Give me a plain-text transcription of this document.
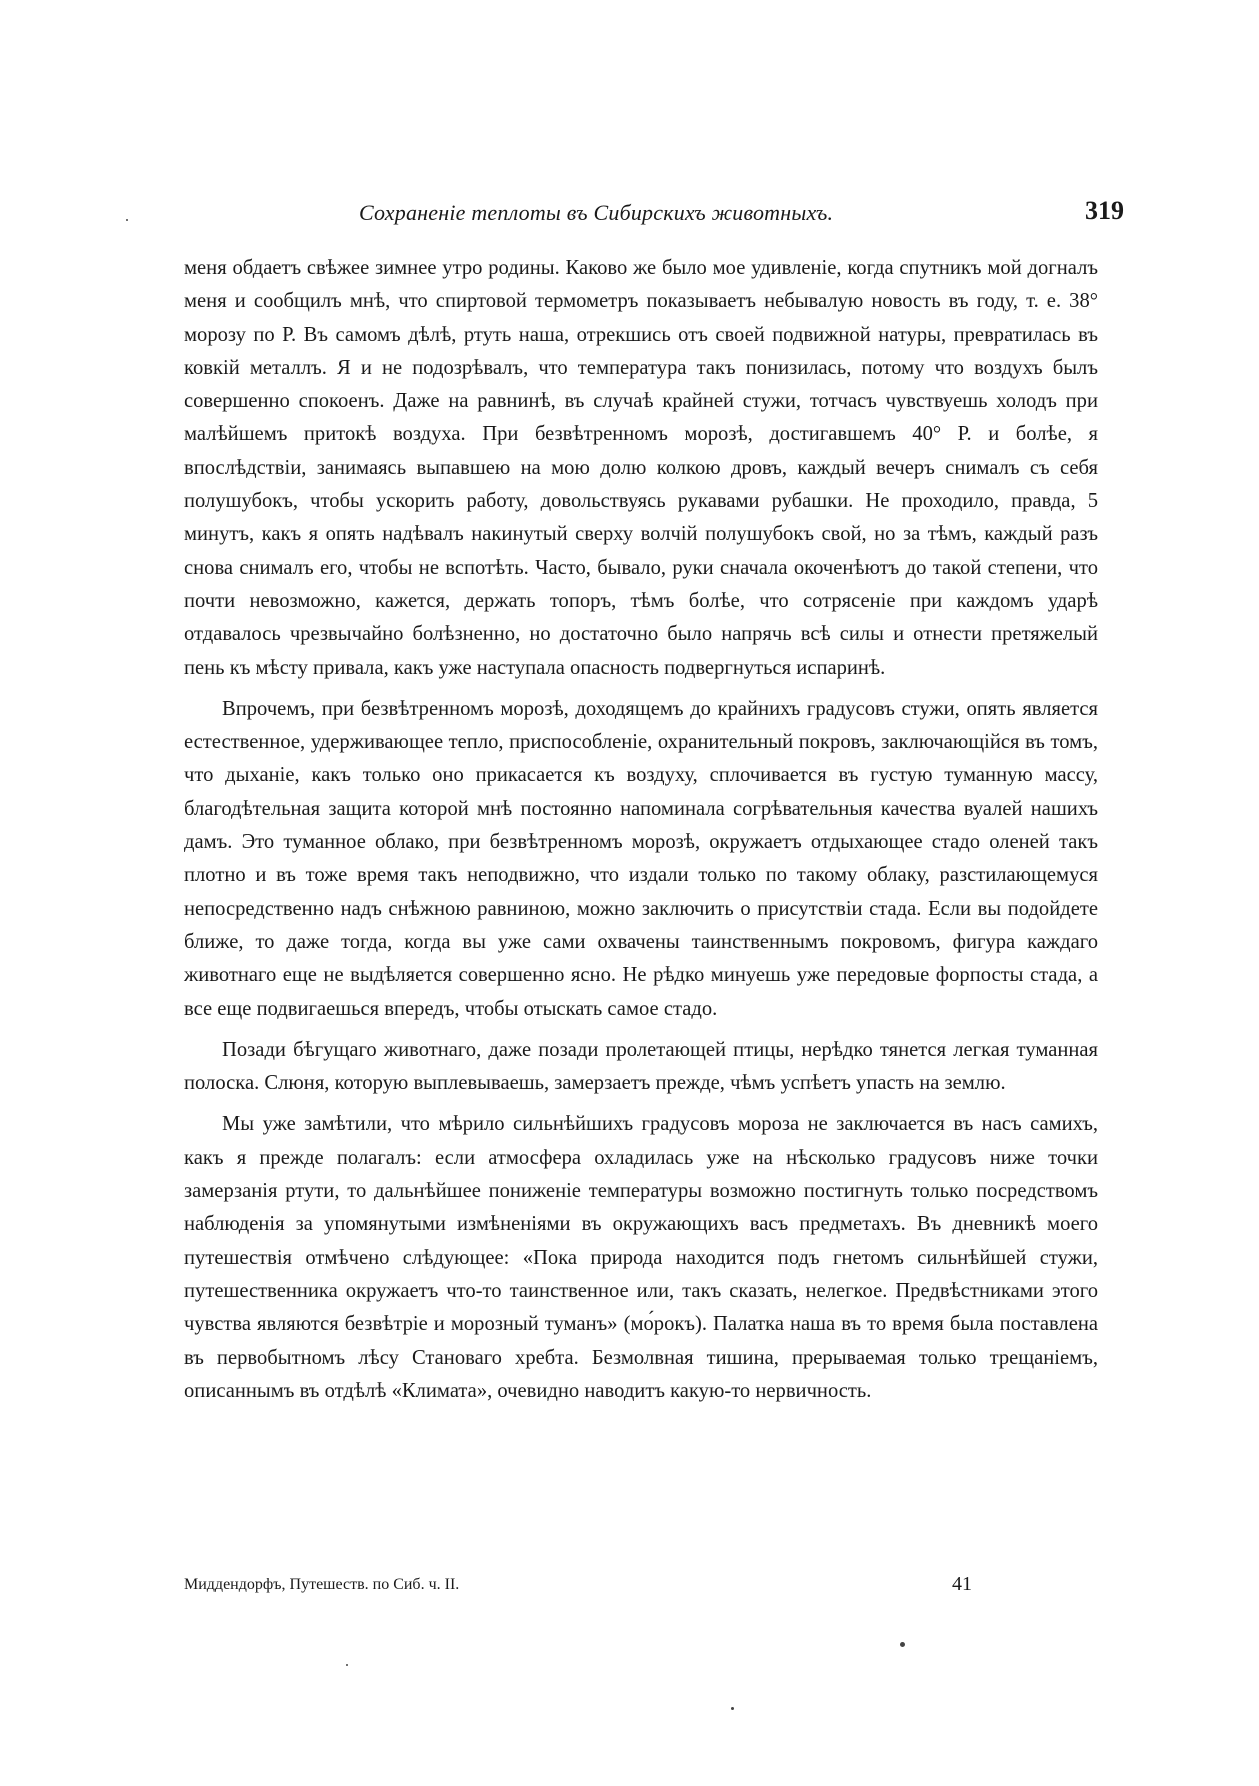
Сохраненіе теплоты въ Сибирскихъ животныхъ.	319

меня обдаетъ свѣжее зимнее утро родины. Каково же было мое удивленіе, когда спутникъ мой догналъ меня и сообщилъ мнѣ, что спиртовой термометръ показываетъ небывалую новость въ году, т. е. 38° морозу по Р. Въ самомъ дѣлѣ, ртуть наша, отрекшись отъ своей подвижной натуры, превратилась въ ковкій металлъ. Я и не подозрѣвалъ, что температура такъ понизилась, потому что воздухъ былъ совершенно спокоенъ. Даже на равнинѣ, въ случаѣ крайней стужи, тотчасъ чувствуешь холодъ при малѣйшемъ притокѣ воздуха. При безвѣтренномъ морозѣ, достигавшемъ 40° Р. и болѣе, я впослѣдствіи, занимаясь выпавшею на мою долю колкою дровъ, каждый вечеръ снималъ съ себя полушубокъ, чтобы ускорить работу, довольствуясь рукавами рубашки. Не проходило, правда, 5 минутъ, какъ я опять надѣвалъ накинутый сверху волчій полушубокъ свой, но за тѣмъ, каждый разъ снова снималъ его, чтобы не вспотѣть. Часто, бывало, руки сначала окоченѣютъ до такой степени, что почти невозможно, кажется, держать топоръ, тѣмъ болѣе, что сотрясеніе при каждомъ ударѣ отдавалось чрезвычайно болѣзненно, но достаточно было напрячь всѣ силы и отнести претяжелый пень къ мѣсту привала, какъ уже наступала опасность подвергнуться испаринѣ.

Впрочемъ, при безвѣтренномъ морозѣ, доходящемъ до крайнихъ градусовъ стужи, опять является естественное, удерживающее тепло, приспособленіе, охранительный покровъ, заключающійся въ томъ, что дыханіе, какъ только оно прикасается къ воздуху, сплочивается въ густую туманную массу, благодѣтельная защита которой мнѣ постоянно напоминала согрѣвательныя качества вуалей нашихъ дамъ. Это туманное облако, при безвѣтренномъ морозѣ, окружаетъ отдыхающее стадо оленей такъ плотно и въ тоже время такъ неподвижно, что издали только по такому облаку, разстилающемуся непосредственно надъ снѣжною равниною, можно заключить о присутствіи стада. Если вы подойдете ближе, то даже тогда, когда вы уже сами охвачены таинственнымъ покровомъ, фигура каждаго животнаго еще не выдѣляется совершенно ясно. Не рѣдко минуешь уже передовые форпосты стада, а все еще подвигаешься впередъ, чтобы отыскать самое стадо.

Позади бѣгущаго животнаго, даже позади пролетающей птицы, нерѣдко тянется легкая туманная полоска. Слюня, которую выплевываешь, замерзаетъ прежде, чѣмъ успѣетъ упасть на землю.

Мы уже замѣтили, что мѣрило сильнѣйшихъ градусовъ мороза не заключается въ насъ самихъ, какъ я прежде полагалъ: если атмосфера охладилась уже на нѣсколько градусовъ ниже точки замерзанія ртути, то дальнѣйшее пониженіе температуры возможно постигнуть только посредствомъ наблюденія за упомянутыми измѣненіями въ окружающихъ васъ предметахъ. Въ дневникѣ моего путешествія отмѣчено слѣдующее: «Пока природа находится подъ гнетомъ сильнѣйшей стужи, путешественника окружаетъ что-то таинственное или, такъ сказать, нелегкое. Предвѣстниками этого чувства являются безвѣтріе и морозный туманъ» (мо́рокъ). Палатка наша въ то время была поставлена въ первобытномъ лѣсу Становаго хребта. Безмолвная тишина, прерываемая только трещаніемъ, описаннымъ въ отдѣлѣ «Климата», очевидно наводитъ какую-то нервичность.

Миддендорфъ, Путешеств. по Сиб. ч. II.	41
